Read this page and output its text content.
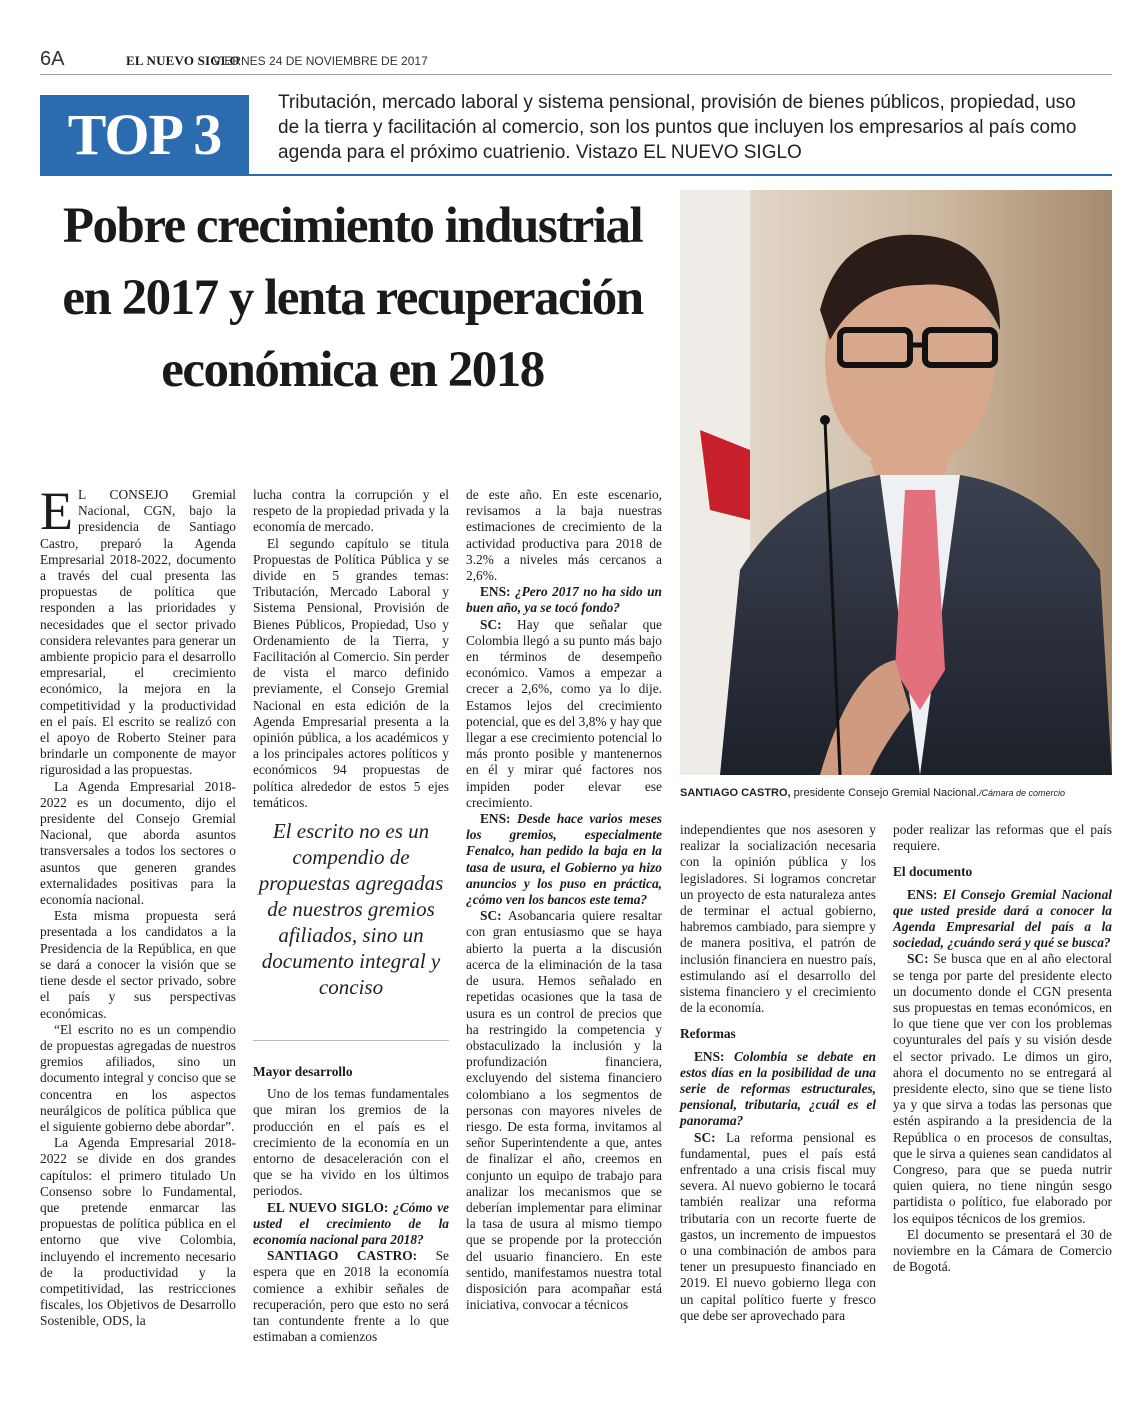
6A	EL NUEVO SIGLO
VIERNES 24 DE NOVIEMBRE DE 2017
TOP 3	Tributación, mercado laboral y sistema pensional, provisión de bienes públicos, propiedad, uso de la tierra y facilitación al comercio, son los puntos que incluyen los empresarios al país como agenda para el próximo cuatrienio. Vistazo EL NUEVO SIGLO
Pobre crecimiento industrial en 2017 y lenta recuperación económica en 2018
SANTIAGO CASTRO, presidente Consejo Gremial Nacional./Cámara de comercio

E L CONSEJO Gremial Nacional, CGN, bajo la presidencia de Santiago Castro, preparó la Agenda Empresarial 2018-2022, documento a través del cual presenta las propuestas de política que responden a las prioridades y necesidades que el sector privado considera relevantes para generar un ambiente propicio para el desarrollo empresarial, el crecimiento económico, la mejora en la competitividad y la productividad en el país. El escrito se realizó con el apoyo de Roberto Steiner para brindarle un componente de mayor rigurosidad a las propuestas.

La Agenda Empresarial 2018-2022 es un documento, dijo el presidente del Consejo Gremial Nacional, que aborda asuntos transversales a todos los sectores o asuntos que generen grandes externalidades positivas para la economía nacional.

Esta misma propuesta será presentada a los candidatos a la Presidencia de la República, en que se dará a conocer la visión que se tiene desde el sector privado, sobre el país y sus perspectivas económicas.

“El escrito no es un compendio de propuestas agregadas de nuestros gremios afiliados, sino un documento integral y conciso que se concentra en los aspectos neurálgicos de política pública que el siguiente gobierno debe abordar”.

La Agenda Empresarial 2018-2022 se divide en dos grandes capítulos: el primero titulado Un Consenso sobre lo Fundamental, que pretende enmarcar las propuestas de política pública en el entorno que vive Colombia, incluyendo el incremento necesario de la productividad y la competitividad, las restricciones fiscales, los Objetivos de Desarrollo Sostenible, ODS, la

lucha contra la corrupción y el respeto de la propiedad privada y la economía de mercado.

El segundo capítulo se titula Propuestas de Política Pública y se divide en 5 grandes temas: Tributación, Mercado Laboral y Sistema Pensional, Provisión de Bienes Públicos, Propiedad, Uso y Ordenamiento de la Tierra, y Facilitación al Comercio. Sin perder de vista el marco definido previamente, el Consejo Gremial Nacional en esta edición de la Agenda Empresarial presenta a la opinión pública, a los académicos y a los principales actores políticos y económicos 94 propuestas de política alrededor de estos 5 ejes temáticos.

El escrito no es un compendio de propuestas agregadas de nuestros gremios afiliados, sino un documento integral y conciso
Mayor desarrollo

Uno de los temas fundamentales que miran los gremios de la producción en el país es el crecimiento de la economía en un entorno de desaceleración con el que se ha vivido en los últimos periodos.

EL NUEVO SIGLO: ¿Cómo ve usted el crecimiento de la economía nacional para 2018?

SANTIAGO CASTRO: Se espera que en 2018 la economía comience a exhibir señales de recuperación, pero que esto no será tan contundente frente a lo que estimaban a comienzos

de este año. En este escenario, revisamos a la baja nuestras estimaciones de crecimiento de la actividad productiva para 2018 de 3.2% a niveles más cercanos a 2,6%.

ENS: ¿Pero 2017 no ha sido un buen año, ya se tocó fondo?

SC: Hay que señalar que Colombia llegó a su punto más bajo en términos de desempeño económico. Vamos a empezar a crecer a 2,6%, como ya lo dije. Estamos lejos del crecimiento potencial, que es del 3,8% y hay que llegar a ese crecimiento potencial lo más pronto posible y mantenernos en él y mirar qué factores nos impiden poder elevar ese crecimiento.

ENS: Desde hace varios meses los gremios, especialmente Fenalco, han pedido la baja en la tasa de usura, el Gobierno ya hizo anuncios y los puso en práctica, ¿cómo ven los bancos este tema?

SC: Asobancaria quiere resaltar con gran entusiasmo que se haya abierto la puerta a la discusión acerca de la eliminación de la tasa de usura. Hemos señalado en repetidas ocasiones que la tasa de usura es un control de precios que ha restringido la competencia y obstaculizado la inclusión y la profundización financiera, excluyendo del sistema financiero colombiano a los segmentos de personas con mayores niveles de riesgo. De esta forma, invitamos al señor Superintendente a que, antes de finalizar el año, creemos en conjunto un equipo de trabajo para analizar los mecanismos que se deberían implementar para eliminar la tasa de usura al mismo tiempo que se propende por la protección del usuario financiero. En este sentido, manifestamos nuestra total disposición para acompañar está iniciativa, convocar a técnicos

independientes que nos asesoren y realizar la socialización necesaria con la opinión pública y los legisladores. Si logramos concretar un proyecto de esta naturaleza antes de terminar el actual gobierno, habremos cambiado, para siempre y de manera positiva, el patrón de inclusión financiera en nuestro país, estimulando así el desarrollo del sistema financiero y el crecimiento de la economía.

Reformas

ENS: Colombia se debate en estos días en la posibilidad de una serie de reformas estructurales, pensional, tributaria, ¿cuál es el panorama?

SC: La reforma pensional es fundamental, pues el país está enfrentado a una crisis fiscal muy severa. Al nuevo gobierno le tocará también realizar una reforma tributaria con un recorte fuerte de gastos, un incremento de impuestos o una combinación de ambos para tener un presupuesto financiado en 2019. El nuevo gobierno llega con un capital político fuerte y fresco que debe ser aprovechado para

poder realizar las reformas que el país requiere.

El documento

ENS: El Consejo Gremial Nacional que usted preside dará a conocer la Agenda Empresarial del país a la sociedad, ¿cuándo será y qué se busca?

SC: Se busca que en al año electoral se tenga por parte del presidente electo un documento donde el CGN presenta sus propuestas en temas económicos, en lo que tiene que ver con los problemas coyunturales del país y su visión desde el sector privado. Le dimos un giro, ahora el documento no se entregará al presidente electo, sino que se tiene listo ya y que sirva a todas las personas que estén aspirando a la presidencia de la República o en procesos de consultas, que le sirva a quienes sean candidatos al Congreso, para que se pueda nutrir quien quiera, no tiene ningún sesgo partidista o político, fue elaborado por los equipos técnicos de los gremios.

El documento se presentará el 30 de noviembre en la Cámara de Comercio de Bogotá.
